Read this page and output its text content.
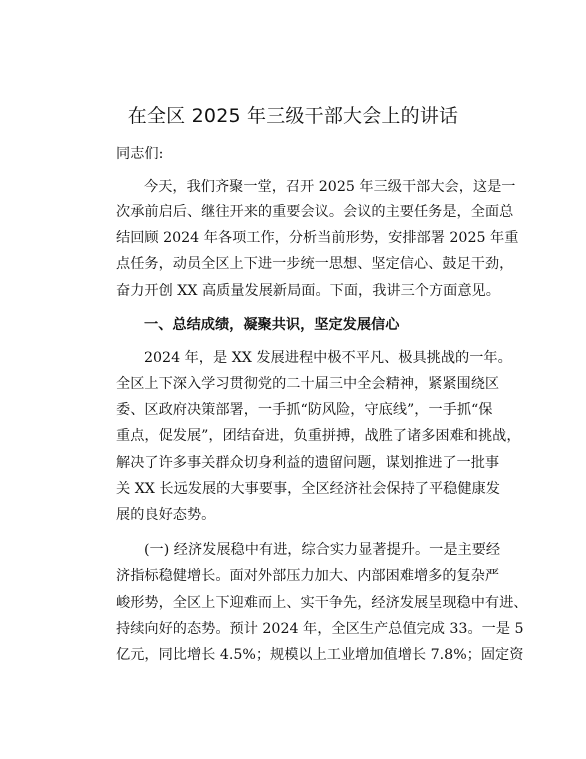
在全区 2025 年三级干部大会上的讲话

同志们:

今天，我们齐聚一堂，召开 2025 年三级干部大会，这是一

次承前启后、继往开来的重要会议。会议的主要任务是，全面总

结回顾 2024 年各项工作，分析当前形势，安排部署 2025 年重

点任务，动员全区上下进一步统一思想、坚定信心、鼓足干劲，

奋力开创 XX 高质量发展新局面。下面，我讲三个方面意见。

一、总结成绩，凝聚共识，坚定发展信心

2024 年，是 XX 发展进程中极不平凡、极具挑战的一年。

全区上下深入学习贯彻党的二十届三中全会精神，紧紧围绕区

委、区政府决策部署，一手抓“防风险，守底线”，一手抓“保

重点，促发展”，团结奋进，负重拼搏，战胜了诸多困难和挑战，

解决了许多事关群众切身利益的遗留问题，谋划推进了一批事

关 XX 长远发展的大事要事，全区经济社会保持了平稳健康发

展的良好态势。

(一) 经济发展稳中有进，综合实力显著提升。一是主要经

济指标稳健增长。面对外部压力加大、内部困难增多的复杂严

峻形势，全区上下迎难而上、实干争先，经济发展呈现稳中有进、

持续向好的态势。预计 2024 年，全区生产总值完成 33。一是 5

亿元，同比增长 4.5%；规模以上工业增加值增长 7.8%；固定资
